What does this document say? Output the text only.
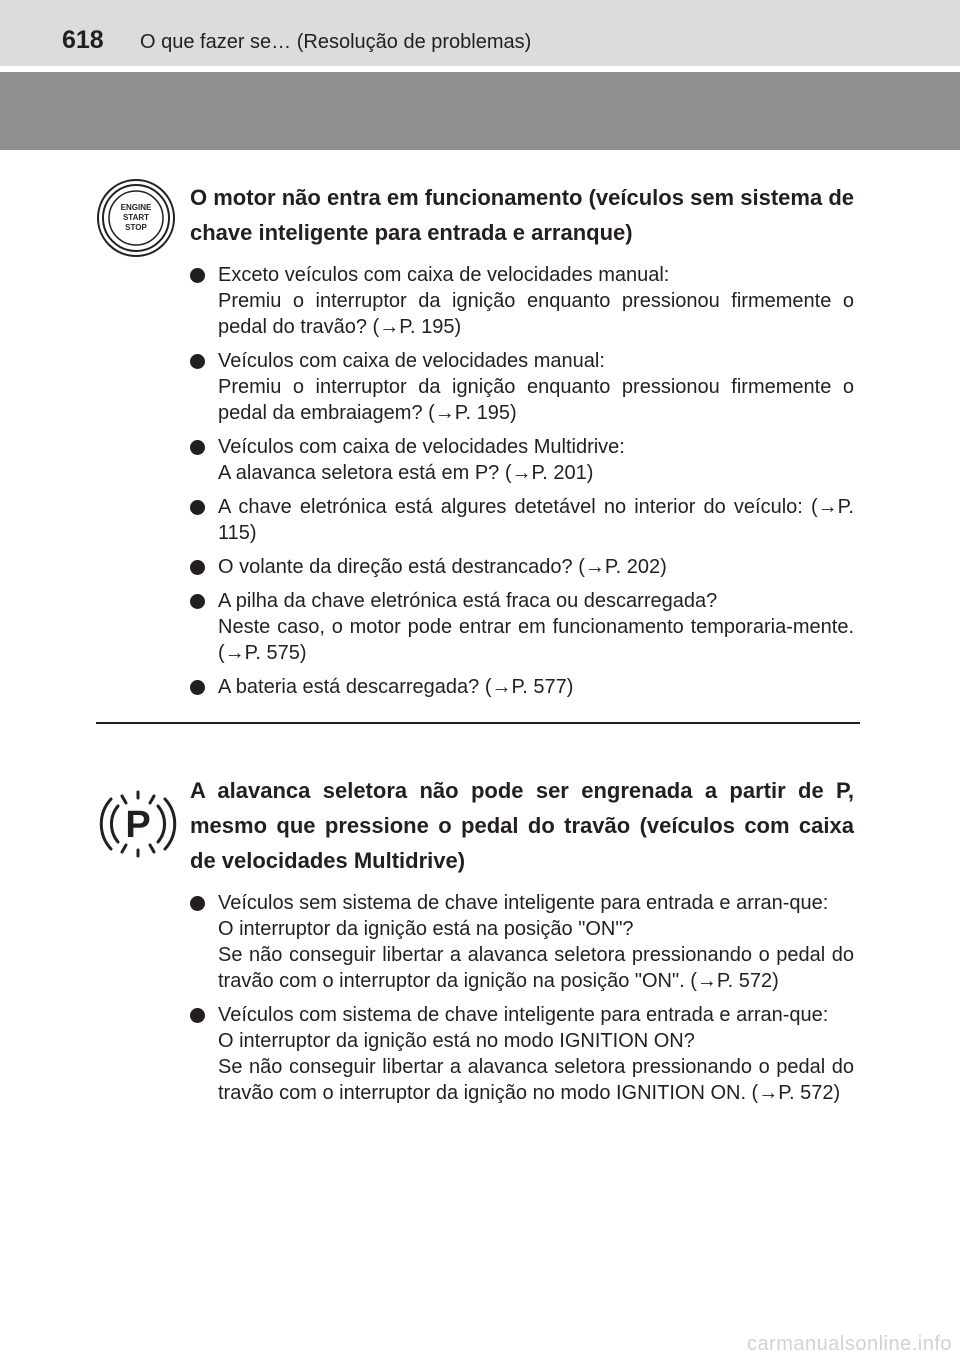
618 O que fazer se… (Resolução de problemas)
ENGINE
START
STOP
O motor não entra em funcionamento (veículos sem sistema de chave inteligente para entrada e arranque)
Exceto veículos com caixa de velocidades manual:
Premiu o interruptor da ignição enquanto pressionou firmemente o pedal do travão? (→P. 195)
Veículos com caixa de velocidades manual:
Premiu o interruptor da ignição enquanto pressionou firmemente o pedal da embraiagem? (→P. 195)
Veículos com caixa de velocidades Multidrive:
A alavanca seletora está em P? (→P. 201)
A chave eletrónica está algures detetável no interior do veículo: (→P. 115)
O volante da direção está destrancado? (→P. 202)
A pilha da chave eletrónica está fraca ou descarregada?
Neste caso, o motor pode entrar em funcionamento temporaria-mente. (→P. 575)
A bateria está descarregada? (→P. 577)
P
A alavanca seletora não pode ser engrenada a partir de P, mesmo que pressione o pedal do travão (veículos com caixa de velocidades Multidrive)
Veículos sem sistema de chave inteligente para entrada e arran-que:
O interruptor da ignição está na posição "ON"?
Se não conseguir libertar a alavanca seletora pressionando o pedal do travão com o interruptor da ignição na posição "ON". (→P. 572)
Veículos com sistema de chave inteligente para entrada e arran-que:
O interruptor da ignição está no modo IGNITION ON?
Se não conseguir libertar a alavanca seletora pressionando o pedal do travão com o interruptor da ignição no modo IGNITION ON. (→P. 572)
carmanualsonline.info
